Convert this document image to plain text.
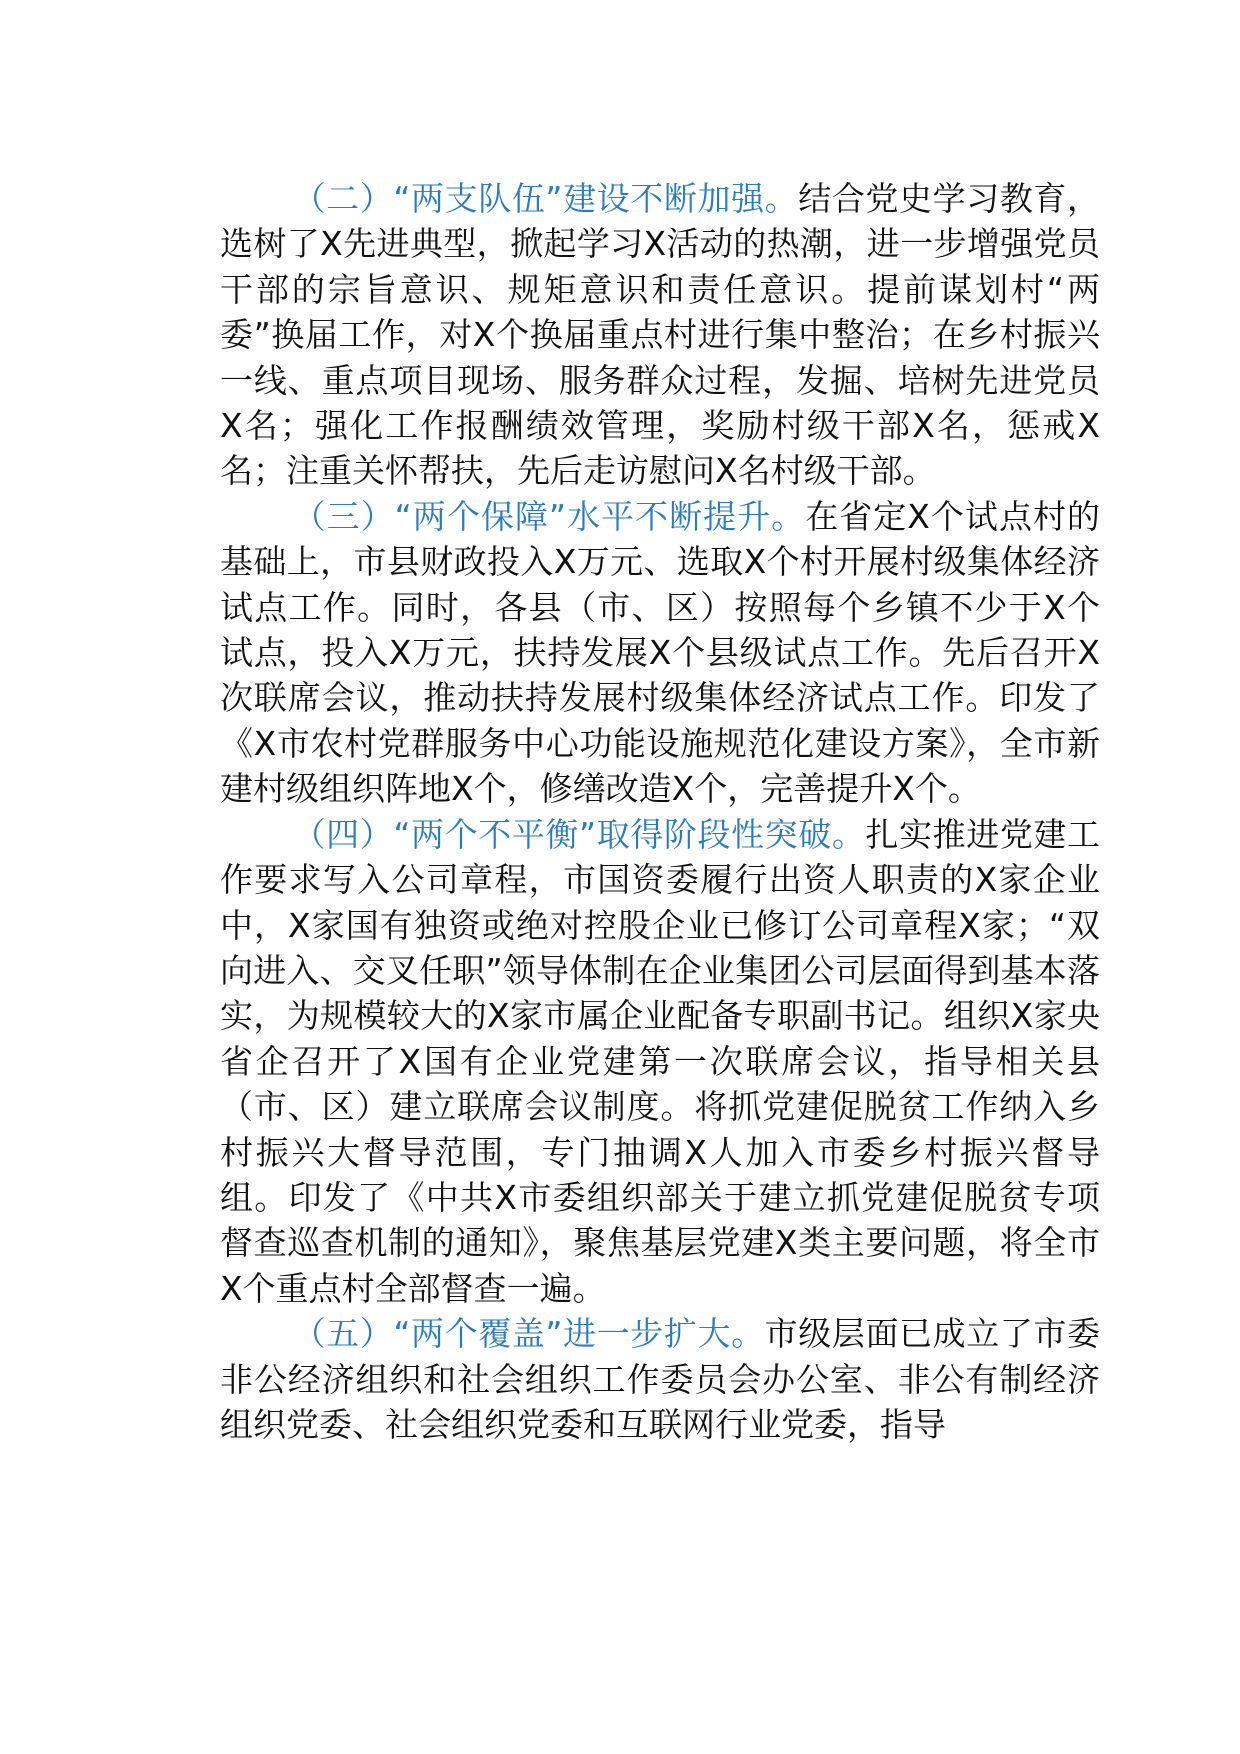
（二）“两支队伍”建设不断加强。结合党史学习教育，选树了X先进典型，掀起学习X活动的热潮，进一步增强党员干部的宗旨意识、规矩意识和责任意识。提前谋划村“两委”换届工作，对X个换届重点村进行集中整治；在乡村振兴一线、重点项目现场、服务群众过程，发掘、培树先进党员X名；强化工作报酬绩效管理，奖励村级干部X名，惩戒X名；注重关怀帮扶，先后走访慰问X名村级干部。

（三）“两个保障”水平不断提升。在省定X个试点村的基础上，市县财政投入X万元、选取X个村开展村级集体经济试点工作。同时，各县（市、区）按照每个乡镇不少于X个试点，投入X万元，扶持发展X个县级试点工作。先后召开X次联席会议，推动扶持发展村级集体经济试点工作。印发了《X市农村党群服务中心功能设施规范化建设方案》，全市新建村级组织阵地X个，修缮改造X个，完善提升X个。

（四）“两个不平衡”取得阶段性突破。扎实推进党建工作要求写入公司章程，市国资委履行出资人职责的X家企业中，X家国有独资或绝对控股企业已修订公司章程X家；“双向进入、交叉任职”领导体制在企业集团公司层面得到基本落实，为规模较大的X家市属企业配备专职副书记。组织X家央省企召开了X国有企业党建第一次联席会议，指导相关县（市、区）建立联席会议制度。将抓党建促脱贫工作纳入乡村振兴大督导范围，专门抽调X人加入市委乡村振兴督导组。印发了《中共X市委组织部关于建立抓党建促脱贫专项督查巡查机制的通知》，聚焦基层党建X类主要问题，将全市X个重点村全部督查一遍。

（五）“两个覆盖”进一步扩大。市级层面已成立了市委非公经济组织和社会组织工作委员会办公室、非公有制经济组织党委、社会组织党委和互联网行业党委，指导
